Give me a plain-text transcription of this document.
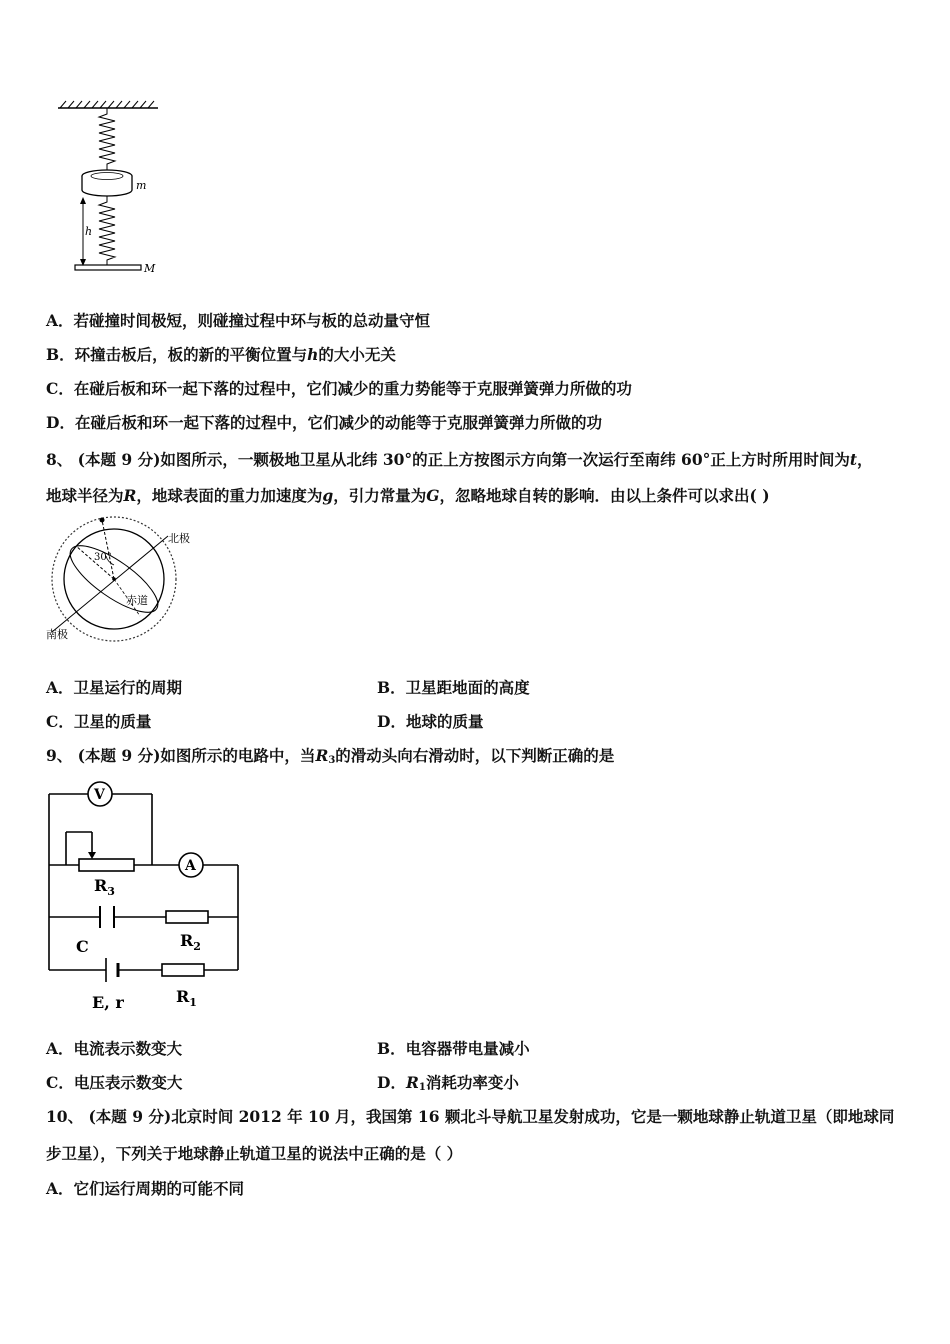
m
M
h
A．若碰撞时间极短，则碰撞过程中环与板的总动量守恒
B．环撞击板后，板的新的平衡位置与h的大小无关
C．在碰后板和环一起下落的过程中，它们减少的重力势能等于克服弹簧弹力所做的功
D．在碰后板和环一起下落的过程中，它们减少的动能等于克服弹簧弹力所做的功
8、 (本题 9 分)如图所示，一颗极地卫星从北纬 30°的正上方按图示方向第一次运行至南纬 60°正上方时所用时间为t，
地球半径为R，地球表面的重力加速度为g，引力常量为G，忽略地球自转的影响．由以上条件可以求出( )
30°
北极
赤道
南极
A．卫星运行的周期	B．卫星距地面的高度
C．卫星的质量	D．地球的质量
9、 (本题 9 分)如图所示的电路中，当$R_3$的滑动头向右滑动时，以下判断正确的是
V
$R_3$
A
C	$R_2$
E, r	$R_1$
A．电流表示数变大	B．电容器带电量减小
C．电压表示数变大	D．$R_1$消耗功率变小
10、 (本题 9 分)北京时间 2012 年 10 月，我国第 16 颗北斗导航卫星发射成功，它是一颗地球静止轨道卫星（即地球同
步卫星），下列关于地球静止轨道卫星的说法中正确的是（ ）
A．它们运行周期的可能不同
